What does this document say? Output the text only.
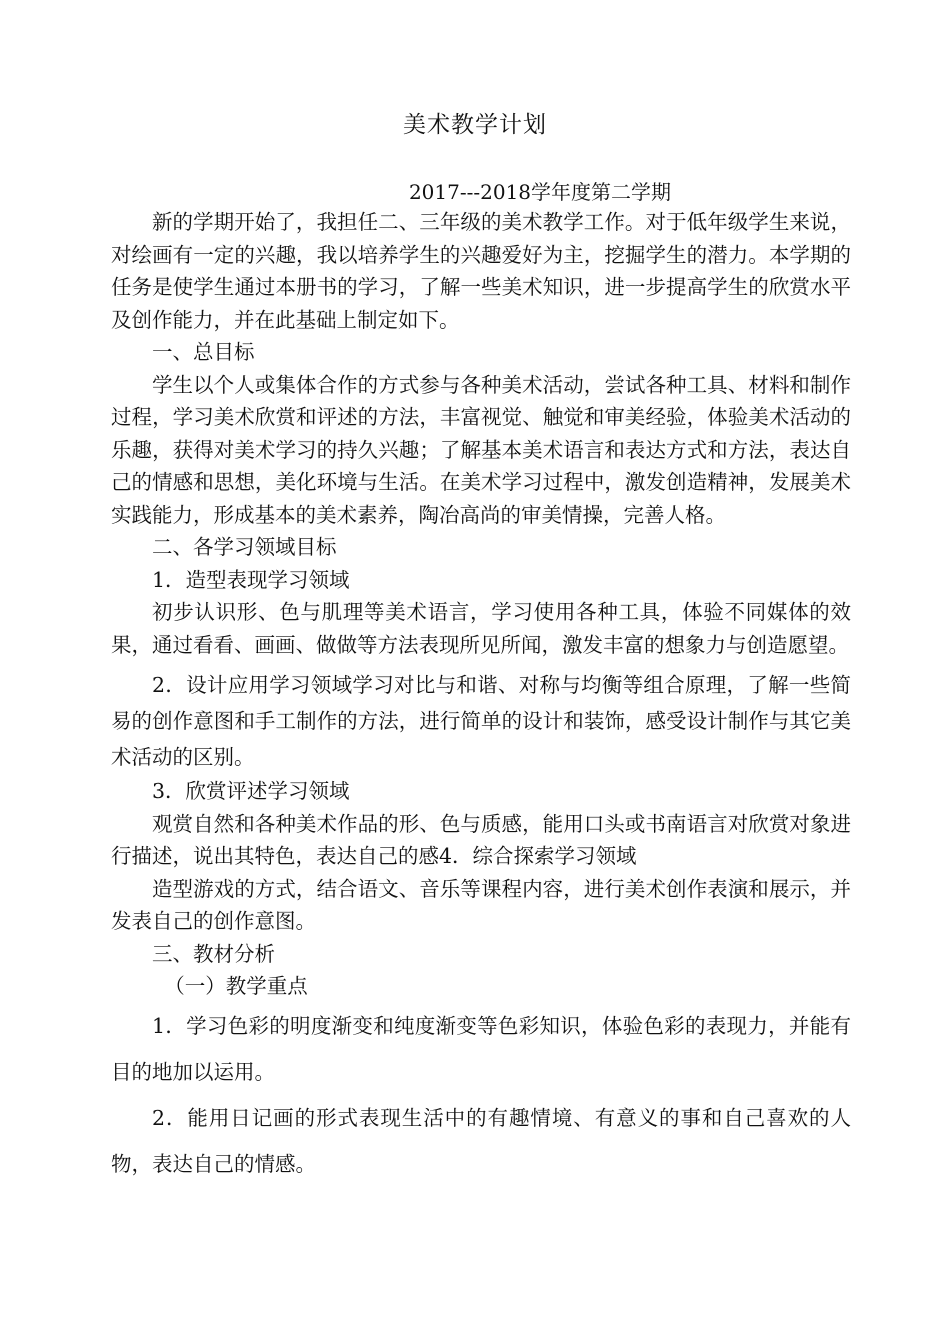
美术教学计划
2017---2018学年度第二学期

新的学期开始了，我担任二、三年级的美术教学工作。对于低年级学生来说，对绘画有一定的兴趣，我以培养学生的兴趣爱好为主，挖掘学生的潜力。本学期的任务是使学生通过本册书的学习，了解一些美术知识，进一步提高学生的欣赏水平及创作能力，并在此基础上制定如下。

一、总目标

学生以个人或集体合作的方式参与各种美术活动，尝试各种工具、材料和制作过程，学习美术欣赏和评述的方法，丰富视觉、触觉和审美经验，体验美术活动的乐趣，获得对美术学习的持久兴趣；了解基本美术语言和表达方式和方法，表达自己的情感和思想，美化环境与生活。在美术学习过程中，激发创造精神，发展美术实践能力，形成基本的美术素养，陶冶高尚的审美情操，完善人格。

二、各学习领域目标

1．造型表现学习领域

初步认识形、色与肌理等美术语言，学习使用各种工具，体验不同媒体的效果，通过看看、画画、做做等方法表现所见所闻，激发丰富的想象力与创造愿望。

2．设计应用学习领域学习对比与和谐、对称与均衡等组合原理，了解一些简易的创作意图和手工制作的方法，进行简单的设计和装饰，感受设计制作与其它美术活动的区别。

3．欣赏评述学习领域

观赏自然和各种美术作品的形、色与质感，能用口头或书南语言对欣赏对象进行描述，说出其特色，表达自己的感4．综合探索学习领域

造型游戏的方式，结合语文、音乐等课程内容，进行美术创作表演和展示，并发表自己的创作意图。

三、教材分析

（一）教学重点

1．学习色彩的明度渐变和纯度渐变等色彩知识，体验色彩的表现力，并能有目的地加以运用。

2．能用日记画的形式表现生活中的有趣情境、有意义的事和自己喜欢的人物，表达自己的情感。
